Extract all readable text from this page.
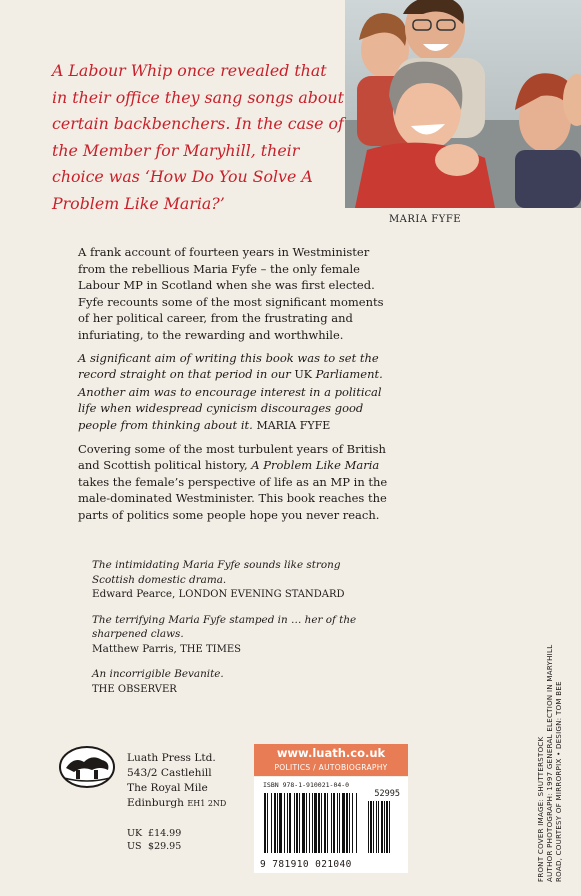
MARIA FYFE

A Labour Whip once revealed that in their office they sang songs about certain backbenchers. In the case of the Member for Maryhill, their choice was ‘How Do You Solve A Problem Like Maria?’

A frank account of fourteen years in Westminister from the rebellious Maria Fyfe – the only female Labour MP in Scotland when she was first elected. Fyfe recounts some of the most significant moments of her political career, from the frustrating and infuriating, to the rewarding and worthwhile.

A significant aim of writing this book was to set the record straight on that period in our UK Parliament. Another aim was to encourage interest in a political life when widespread cynicism discourages good people from thinking about it. MARIA FYFE

Covering some of the most turbulent years of British and Scottish political history, A Problem Like Maria takes the female’s perspective of life as an MP in the male-dominated Westminister. This book reaches the parts of politics some people hope you never reach.

The intimidating Maria Fyfe sounds like strong Scottish domestic drama.
Edward Pearce, LONDON EVENING STANDARD
The terrifying Maria Fyfe stamped in … her of the sharpened claws.
Matthew Parris, THE TIMES
An incorrigible Bevanite.
THE OBSERVER
Luath Press Ltd.
543/2 Castlehill
The Royal Mile
Edinburgh EH1 2ND
UK £14.99
US $29.95
www.luath.co.uk
POLITICS / AUTOBIOGRAPHY
ISBN 978-1-910021-04-0
52995
9 781910 021040	FRONT COVER IMAGE: SHUTTERSTOCK AUTHOR PHOTOGRAPH: 1997 GENERAL ELECTION IN MARYHILL ROAD, COURTESY OF MIRRORPIX • DESIGN: TOM BEE
